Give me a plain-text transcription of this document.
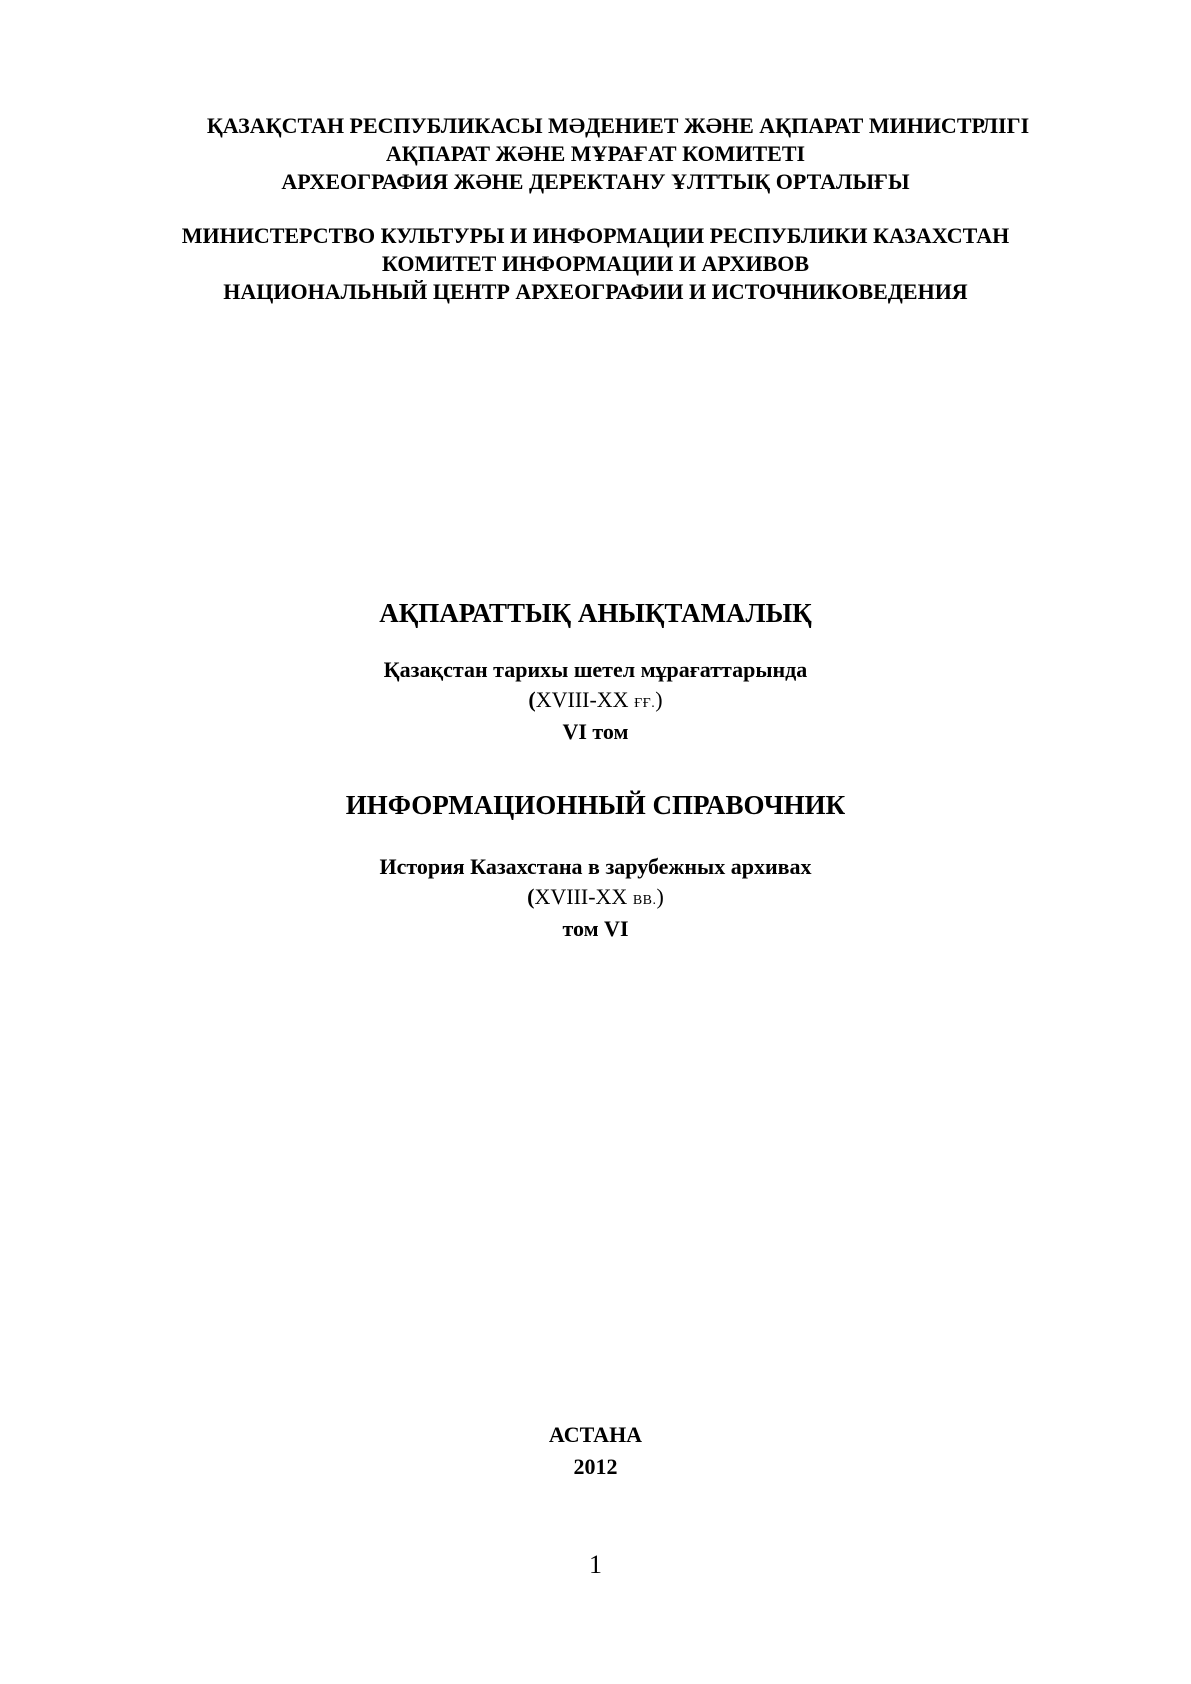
ҚАЗАҚСТАН РЕСПУБЛИКАСЫ МӘДЕНИЕТ ЖӘНЕ АҚПАРАТ МИНИСТРЛІГІ
АҚПАРАТ ЖӘНЕ МҰРАҒАТ КОМИТЕТІ
АРХЕОГРАФИЯ ЖӘНЕ ДЕРЕКТАНУ ҰЛТТЫҚ ОРТАЛЫҒЫ
МИНИСТЕРСТВО КУЛЬТУРЫ И ИНФОРМАЦИИ РЕСПУБЛИКИ КАЗАХСТАН
КОМИТЕТ ИНФОРМАЦИИ И АРХИВОВ
НАЦИОНАЛЬНЫЙ ЦЕНТР АРХЕОГРАФИИ И ИСТОЧНИКОВЕДЕНИЯ
АҚПАРАТТЫҚ АНЫҚТАМАЛЫҚ
Қазақстан тарихы шетел мұрағаттарында
(XVIII-XX ҒҒ.)
VI том
ИНФОРМАЦИОННЫЙ СПРАВОЧНИК
История Казахстана в зарубежных архивах
(XVIII-XX ВВ.)
том VI
АСТАНА
2012
1
